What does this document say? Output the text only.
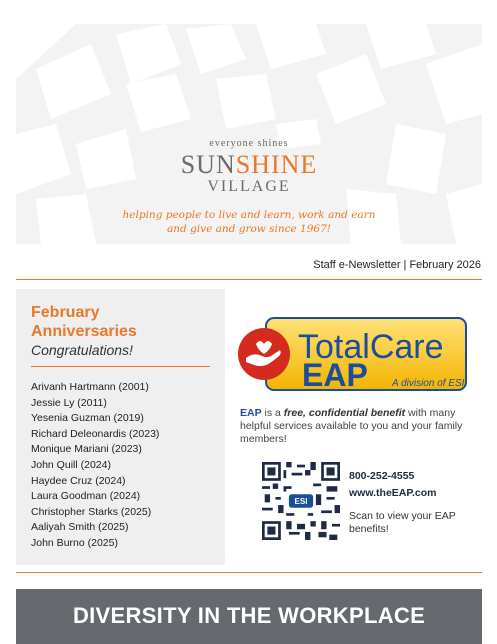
everyone shines
SUNSHINE
VILLAGE
helping people to live and learn, work and earn
and give and grow since 1967!
Staff e-Newsletter | February 2026
February
Anniversaries
Congratulations!
Arivanh Hartmann (2001)
Jessie Ly (2011)
Yesenia Guzman (2019)
Richard Deleonardis (2023)
Monique Mariani (2023)
John Quill (2024)
Haydee Cruz (2024)
Laura Goodman (2024)
Christopher Starks (2025)
Aaliyah Smith (2025)
John Burno (2025)
TotalCare
EAP A division of ESI
EAP is a free, confidential benefit with many helpful services available to you and your family members!
ESI
800-252-4555
www.theEAP.com
Scan to view your EAP benefits!
DIVERSITY IN THE WORKPLACE
